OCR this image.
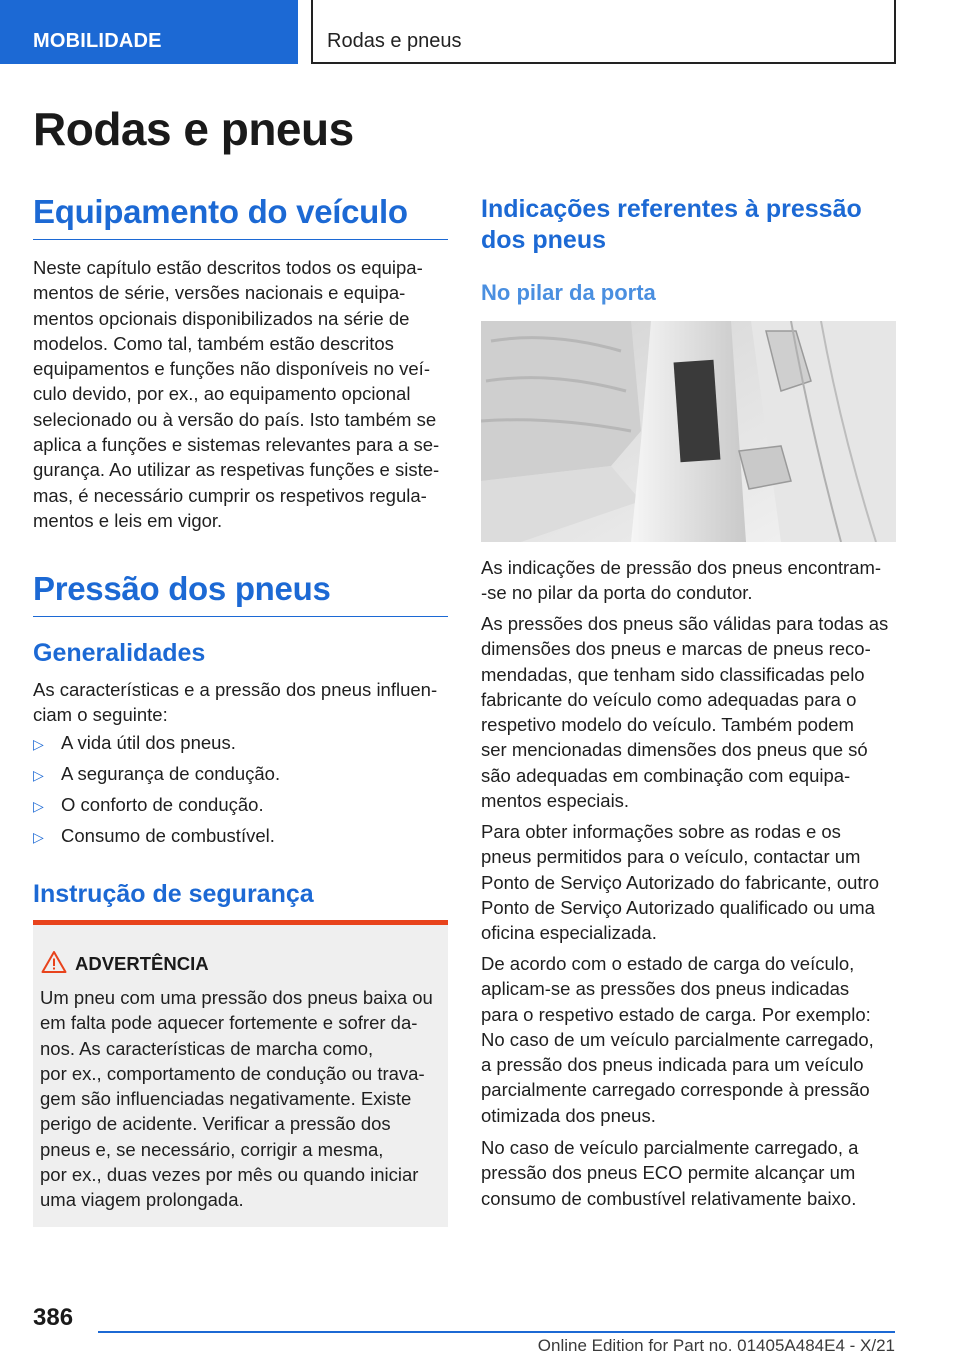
MOBILIDADE	Rodas e pneus
Rodas e pneus
Equipamento do veículo

Neste capítulo estão descritos todos os equipa-
mentos de série, versões nacionais e equipa-
mentos opcionais disponibilizados na série de
modelos. Como tal, também estão descritos
equipamentos e funções não disponíveis no veí-
culo devido, por ex., ao equipamento opcional
selecionado ou à versão do país. Isto também se
aplica a funções e sistemas relevantes para a se-
gurança. Ao utilizar as respetivas funções e siste-
mas, é necessário cumprir os respetivos regula-
mentos e leis em vigor.

Pressão dos pneus
Generalidades

As características e a pressão dos pneus influen-
ciam o seguinte:

▷ A vida útil dos pneus.
▷ A segurança de condução.
▷ O conforto de condução.
▷ Consumo de combustível.
Instrução de segurança
ADVERTÊNCIA

Um pneu com uma pressão dos pneus baixa ou
em falta pode aquecer fortemente e sofrer da-
nos. As características de marcha como,
por ex., comportamento de condução ou trava-
gem são influenciadas negativamente. Existe
perigo de acidente. Verificar a pressão dos
pneus e, se necessário, corrigir a mesma,
por ex., duas vezes por mês ou quando iniciar
uma viagem prolongada.

Indicações referentes à pressão dos pneus
No pilar da porta

As indicações de pressão dos pneus encontram-
-se no pilar da porta do condutor.

As pressões dos pneus são válidas para todas as
dimensões dos pneus e marcas de pneus reco-
mendadas, que tenham sido classificadas pelo
fabricante do veículo como adequadas para o
respetivo modelo do veículo. Também podem
ser mencionadas dimensões dos pneus que só
são adequadas em combinação com equipa-
mentos especiais.

Para obter informações sobre as rodas e os
pneus permitidos para o veículo, contactar um
Ponto de Serviço Autorizado do fabricante, outro
Ponto de Serviço Autorizado qualificado ou uma
oficina especializada.

De acordo com o estado de carga do veículo,
aplicam-se as pressões dos pneus indicadas
para o respetivo estado de carga. Por exemplo:
No caso de um veículo parcialmente carregado,
a pressão dos pneus indicada para um veículo
parcialmente carregado corresponde à pressão
otimizada dos pneus.

No caso de veículo parcialmente carregado, a
pressão dos pneus ECO permite alcançar um
consumo de combustível relativamente baixo.

386
Online Edition for Part no. 01405A484E4 - X/21
